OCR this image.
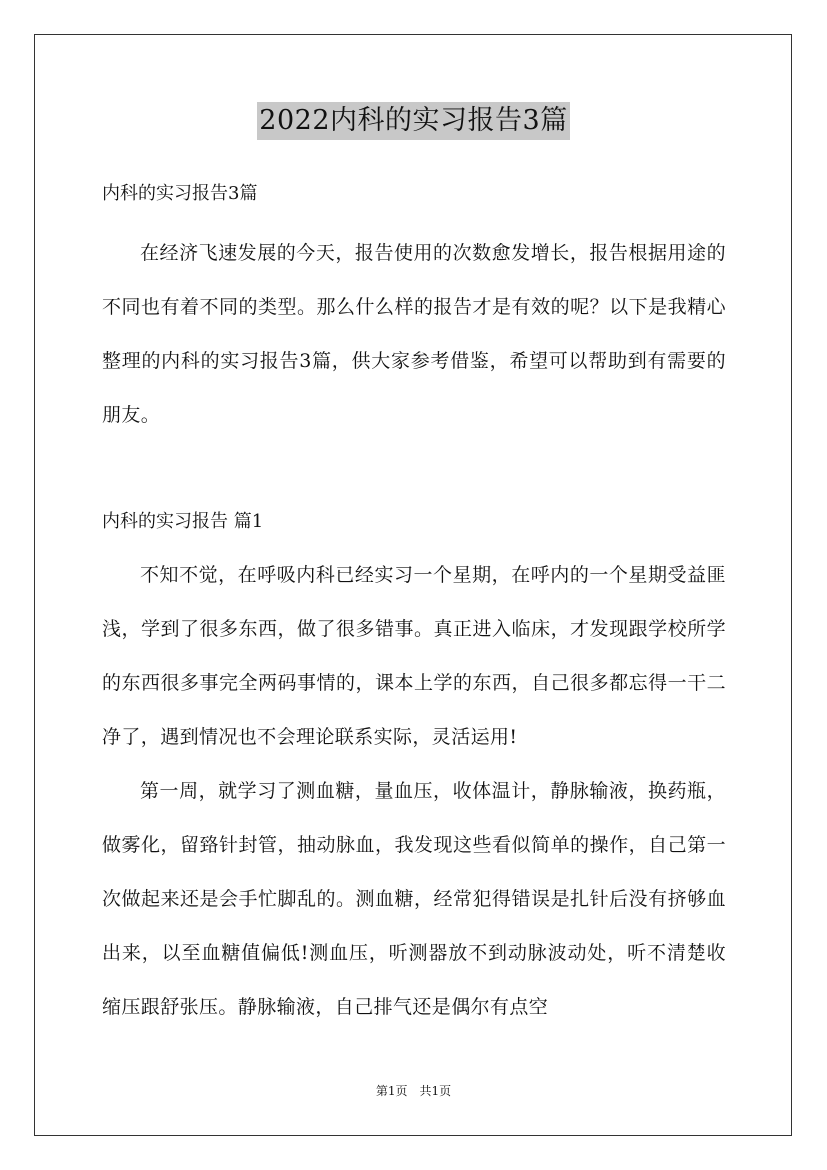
2022内科的实习报告3篇
内科的实习报告3篇

在经济飞速发展的今天，报告使用的次数愈发增长，报告根据用途的不同也有着不同的类型。那么什么样的报告才是有效的呢？以下是我精心整理的内科的实习报告3篇，供大家参考借鉴，希望可以帮助到有需要的朋友。

内科的实习报告 篇1

不知不觉，在呼吸内科已经实习一个星期，在呼内的一个星期受益匪浅，学到了很多东西，做了很多错事。真正进入临床，才发现跟学校所学的东西很多事完全两码事情的，课本上学的东西，自己很多都忘得一干二净了，遇到情况也不会理论联系实际，灵活运用!

第一周，就学习了测血糖，量血压，收体温计，静脉输液，换药瓶，做雾化，留臵针封管，抽动脉血，我发现这些看似简单的操作，自己第一次做起来还是会手忙脚乱的。测血糖，经常犯得错误是扎针后没有挤够血出来，以至血糖值偏低!测血压，听测器放不到动脉波动处，听不清楚收缩压跟舒张压。静脉输液，自己排气还是偶尔有点空

第1页　共1页
